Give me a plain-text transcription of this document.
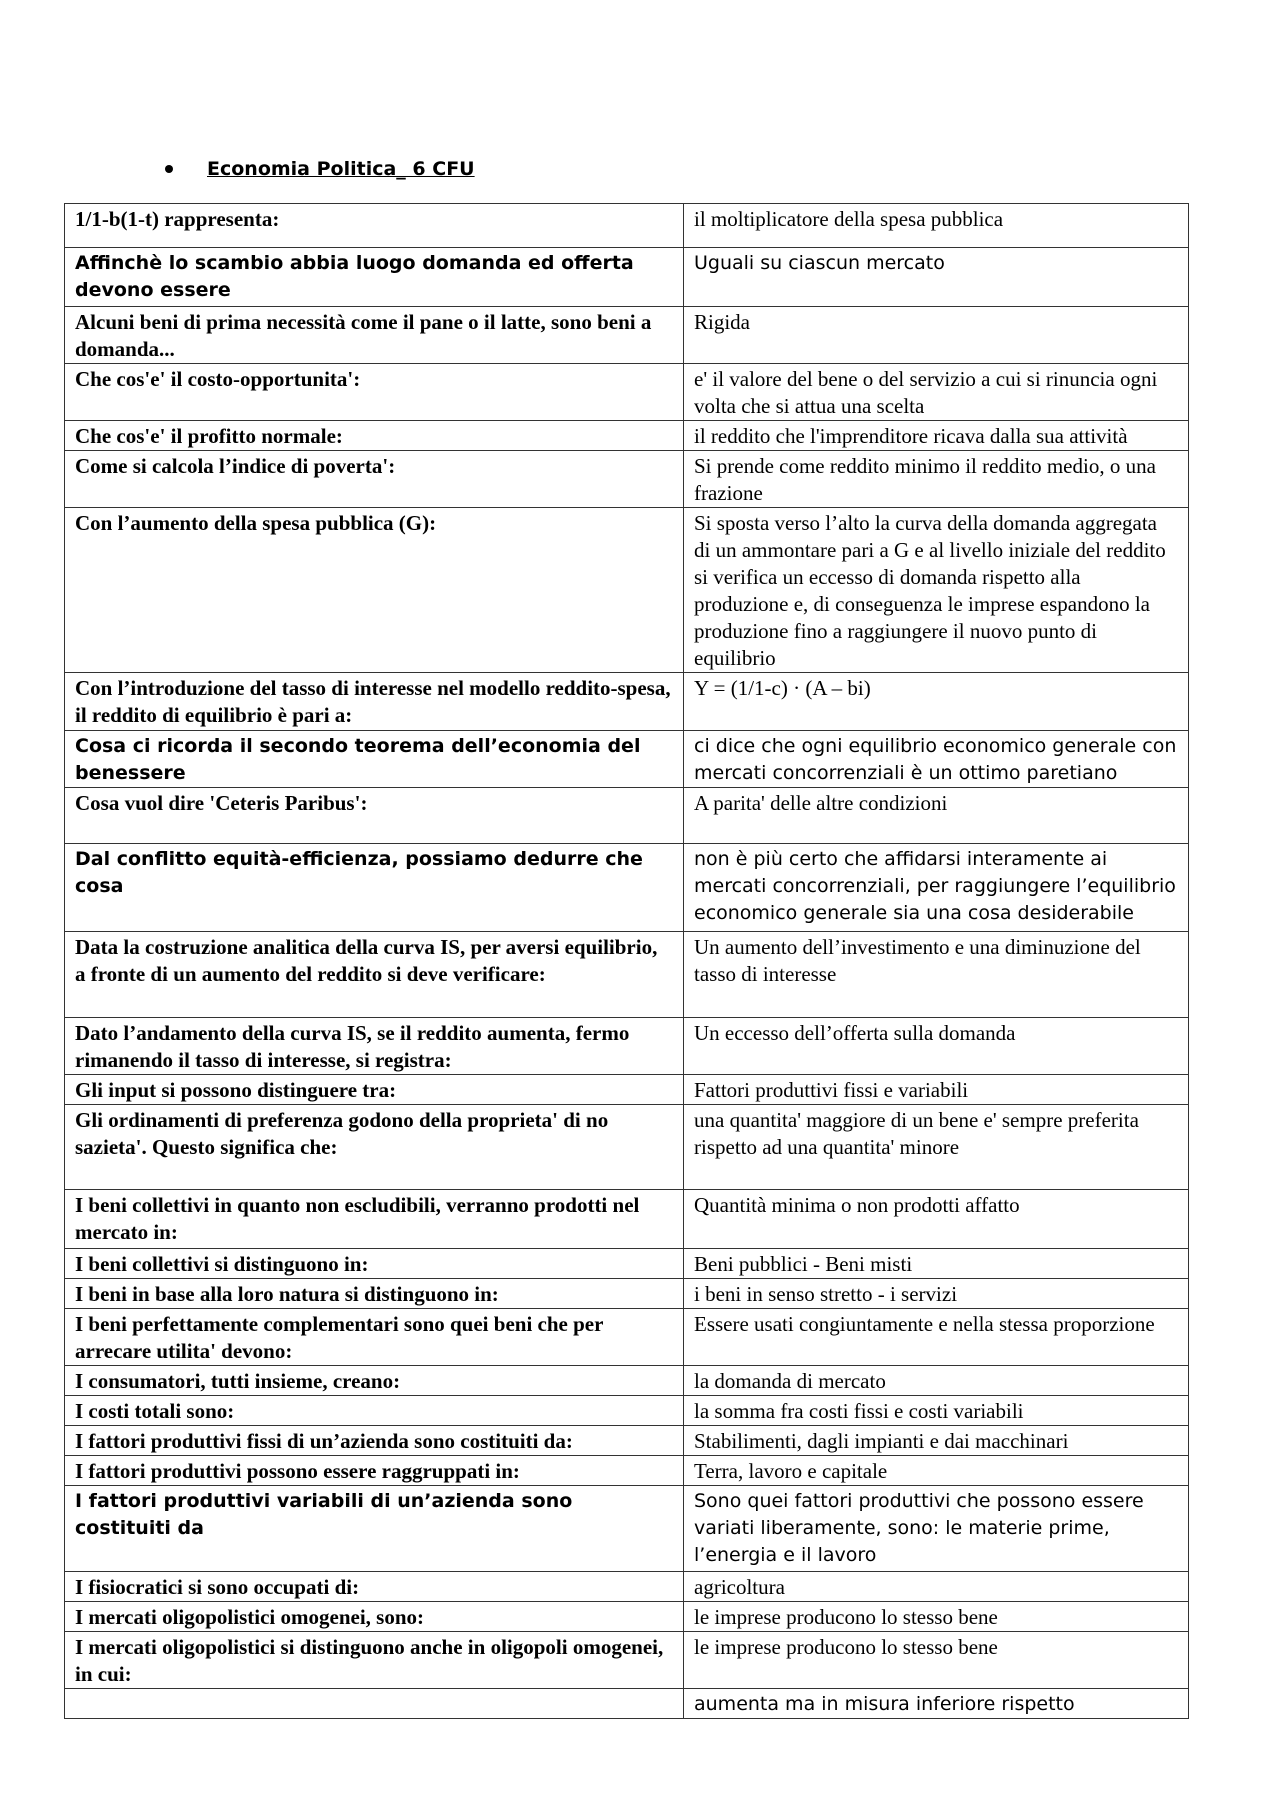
Economia Politica_ 6 CFU
1/1-b(1-t) rappresenta:	il moltiplicatore della spesa pubblica
Affinchè lo scambio abbia luogo domanda ed offerta devono essere	Uguali su ciascun mercato
Alcuni beni di prima necessità come il pane o il latte, sono beni a domanda...	Rigida
Che cos'e' il costo-opportunita':	e' il valore del bene o del servizio a cui si rinuncia ogni volta che si attua una scelta
Che cos'e' il profitto normale:	il reddito che l'imprenditore ricava dalla sua attività
Come si calcola l’indice di poverta':	Si prende come reddito minimo il reddito medio, o una frazione
Con l’aumento della spesa pubblica (G):	Si sposta verso l’alto la curva della domanda aggregata di un ammontare pari a G e al livello iniziale del reddito si verifica un eccesso di domanda rispetto alla produzione e, di conseguenza le imprese espandono la produzione fino a raggiungere il nuovo punto di equilibrio
Con l’introduzione del tasso di interesse nel modello reddito-spesa, il reddito di equilibrio è pari a:	Y = (1/1-c) · (A – bi)
Cosa ci ricorda il secondo teorema dell’economia del benessere	ci dice che ogni equilibrio economico generale con mercati concorrenziali è un ottimo paretiano
Cosa vuol dire 'Ceteris Paribus':	A parita' delle altre condizioni
Dal conflitto equità-efficienza, possiamo dedurre che cosa	non è più certo che affidarsi interamente ai mercati concorrenziali, per raggiungere l’equilibrio economico generale sia una cosa desiderabile
Data la costruzione analitica della curva IS, per aversi equilibrio, a fronte di un aumento del reddito si deve verificare:	Un aumento dell’investimento e una diminuzione del tasso di interesse
Dato l’andamento della curva IS, se il reddito aumenta, fermo rimanendo il tasso di interesse, si registra:	Un eccesso dell’offerta sulla domanda
Gli input si possono distinguere tra:	Fattori produttivi fissi e variabili
Gli ordinamenti di preferenza godono della proprieta' di no sazieta'. Questo significa che:	una quantita' maggiore di un bene e' sempre preferita rispetto ad una quantita' minore
I beni collettivi in quanto non escludibili, verranno prodotti nel mercato in:	Quantità minima o non prodotti affatto
I beni collettivi si distinguono in:	Beni pubblici - Beni misti
I beni in base alla loro natura si distinguono in:	i beni in senso stretto - i servizi
I beni perfettamente complementari sono quei beni che per arrecare utilita' devono:	Essere usati congiuntamente e nella stessa proporzione
I consumatori, tutti insieme, creano:	la domanda di mercato
I costi totali sono:	la somma fra costi fissi e costi variabili
I fattori produttivi fissi di un’azienda sono costituiti da:	Stabilimenti, dagli impianti e dai macchinari
I fattori produttivi possono essere raggruppati in:	Terra, lavoro e capitale
I fattori produttivi variabili di un’azienda sono costituiti da	Sono quei fattori produttivi che possono essere variati liberamente, sono: le materie prime, l’energia e il lavoro
I fisiocratici si sono occupati di:	agricoltura
I mercati oligopolistici omogenei, sono:	le imprese producono lo stesso bene
I mercati oligopolistici si distinguono anche in oligopoli omogenei, in cui:	le imprese producono lo stesso bene
	aumenta ma in misura inferiore rispetto
